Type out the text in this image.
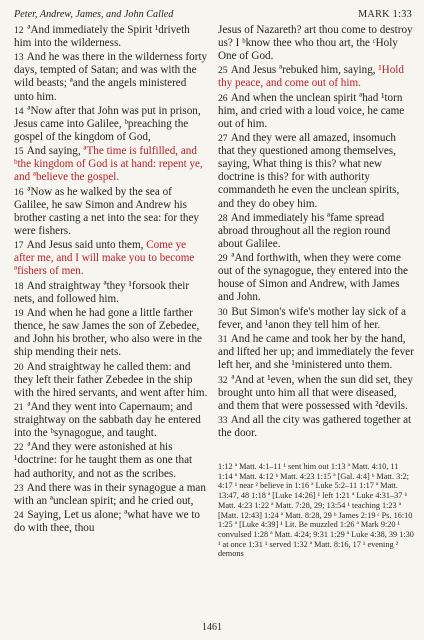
Peter, Andrew, James, and John Called	MARK 1:33
12 ªAnd immediately the Spirit ¹driveth him into the wilderness.
13 And he was there in the wilderness forty days, tempted of Satan; and was with the wild beasts; ªand the angels ministered unto him.
14 ªNow after that John was put in prison, Jesus came into Galilee, ᵇpreaching the gospel of the kingdom of God,
15 And saying, ªThe time is fulfilled, and ᵇthe kingdom of God is at hand: repent ye, and ªbelieve the gospel.
16 ªNow as he walked by the sea of Galilee, he saw Simon and Andrew his brother casting a net into the sea: for they were fishers.
17 And Jesus said unto them, Come ye after me, and I will make you to become ªfishers of men.
18 And straightway ªthey ¹forsook their nets, and followed him.
19 And when he had gone a little farther thence, he saw James the son of Zebedee, and John his brother, who also were in the ship mending their nets.
20 And straightway he called them: and they left their father Zebedee in the ship with the hired servants, and went after him.
21 ªAnd they went into Capernaum; and straightway on the sabbath day he entered into the ᵇsynagogue, and taught.
22 ªAnd they were astonished at his ¹doctrine: for he taught them as one that had authority, and not as the scribes.
23 And there was in their synagogue a man with an ªunclean spirit; and he cried out,
24 Saying, Let us alone; ªwhat have we to do with thee, thou
Jesus of Nazareth? art thou come to destroy us? I ᵇknow thee who thou art, the ᶜHoly One of God.
25 And Jesus ªrebuked him, saying, ¹Hold thy peace, and come out of him.
26 And when the unclean spirit ªhad ¹torn him, and cried with a loud voice, he came out of him.
27 And they were all amazed, insomuch that they questioned among themselves, saying, What thing is this? what new doctrine is this? for with authority commandeth he even the unclean spirits, and they do obey him.
28 And immediately his ªfame spread abroad throughout all the region round about Galilee.
29 ªAnd forthwith, when they were come out of the synagogue, they entered into the house of Simon and Andrew, with James and John.
30 But Simon's wife's mother lay sick of a fever, and ¹anon they tell him of her.
31 And he came and took her by the hand, and lifted her up; and immediately the fever left her, and she ¹ministered unto them.
32 ªAnd at ¹even, when the sun did set, they brought unto him all that were diseased, and them that were possessed with ²devils.
33 And all the city was gathered together at the door.
1:12 ª Matt. 4:1–11 ¹ sent him out 1:13 ª Matt. 4:10, 11 1:14 ª Matt. 4:12 ᵇ Matt. 4:23 1:15 ª [Gal. 4:4] ᵇ Matt. 3:2; 4:17 ¹ near ² believe in 1:16 ª Luke 5:2–11 1:17 ª Matt. 13:47, 48 1:18 ª [Luke 14:26] ¹ left 1:21 ª Luke 4:31–37 ᵇ Matt. 4:23 1:22 ª Matt. 7:28, 29; 13:54 ¹ teaching 1:23 ª [Matt. 12:43] 1:24 ª Matt. 8:28, 29 ᵇ James 2:19 ᶜ Ps. 16:10 1:25 ª [Luke 4:39] ¹ Lit. Be muzzled 1:26 ª Mark 9:20 ¹ convulsed 1:28 ª Matt. 4:24; 9:31 1:29 ª Luke 4:38, 39 1:30 ¹ at once 1:31 ¹ served 1:32 ª Matt. 8:16, 17 ¹ evening ² demons
1461
